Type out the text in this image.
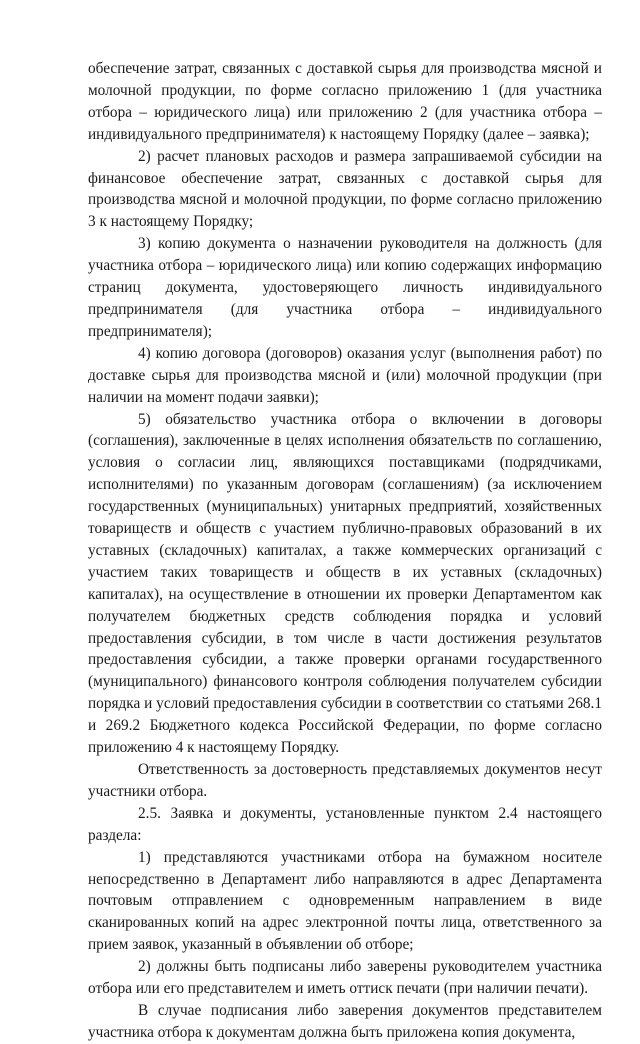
обеспечение затрат, связанных с доставкой сырья для производства мясной и молочной продукции, по форме согласно приложению 1 (для участника отбора – юридического лица) или приложению 2 (для участника отбора – индивидуального предпринимателя) к настоящему Порядку (далее – заявка);

2) расчет плановых расходов и размера запрашиваемой субсидии на финансовое обеспечение затрат, связанных с доставкой сырья для производства мясной и молочной продукции, по форме согласно приложению 3 к настоящему Порядку;

3) копию документа о назначении руководителя на должность (для участника отбора – юридического лица) или копию содержащих информацию страниц документа, удостоверяющего личность индивидуального предпринимателя (для участника отбора – индивидуального предпринимателя);

4) копию договора (договоров) оказания услуг (выполнения работ) по доставке сырья для производства мясной и (или) молочной продукции (при наличии на момент подачи заявки);

5) обязательство участника отбора о включении в договоры (соглашения), заключенные в целях исполнения обязательств по соглашению, условия о согласии лиц, являющихся поставщиками (подрядчиками, исполнителями) по указанным договорам (соглашениям) (за исключением государственных (муниципальных) унитарных предприятий, хозяйственных товариществ и обществ с участием публично-правовых образований в их уставных (складочных) капиталах, а также коммерческих организаций с участием таких товариществ и обществ в их уставных (складочных) капиталах), на осуществление в отношении их проверки Департаментом как получателем бюджетных средств соблюдения порядка и условий предоставления субсидии, в том числе в части достижения результатов предоставления субсидии, а также проверки органами государственного (муниципального) финансового контроля соблюдения получателем субсидии порядка и условий предоставления субсидии в соответствии со статьями 268.1 и 269.2 Бюджетного кодекса Российской Федерации, по форме согласно приложению 4 к настоящему Порядку.

Ответственность за достоверность представляемых документов несут участники отбора.

2.5. Заявка и документы, установленные пунктом 2.4 настоящего раздела:

1) представляются участниками отбора на бумажном носителе непосредственно в Департамент либо направляются в адрес Департамента почтовым отправлением с одновременным направлением в виде сканированных копий на адрес электронной почты лица, ответственного за прием заявок, указанный в объявлении об отборе;

2) должны быть подписаны либо заверены руководителем участника отбора или его представителем и иметь оттиск печати (при наличии печати).

В случае подписания либо заверения документов представителем участника отбора к документам должна быть приложена копия документа,
